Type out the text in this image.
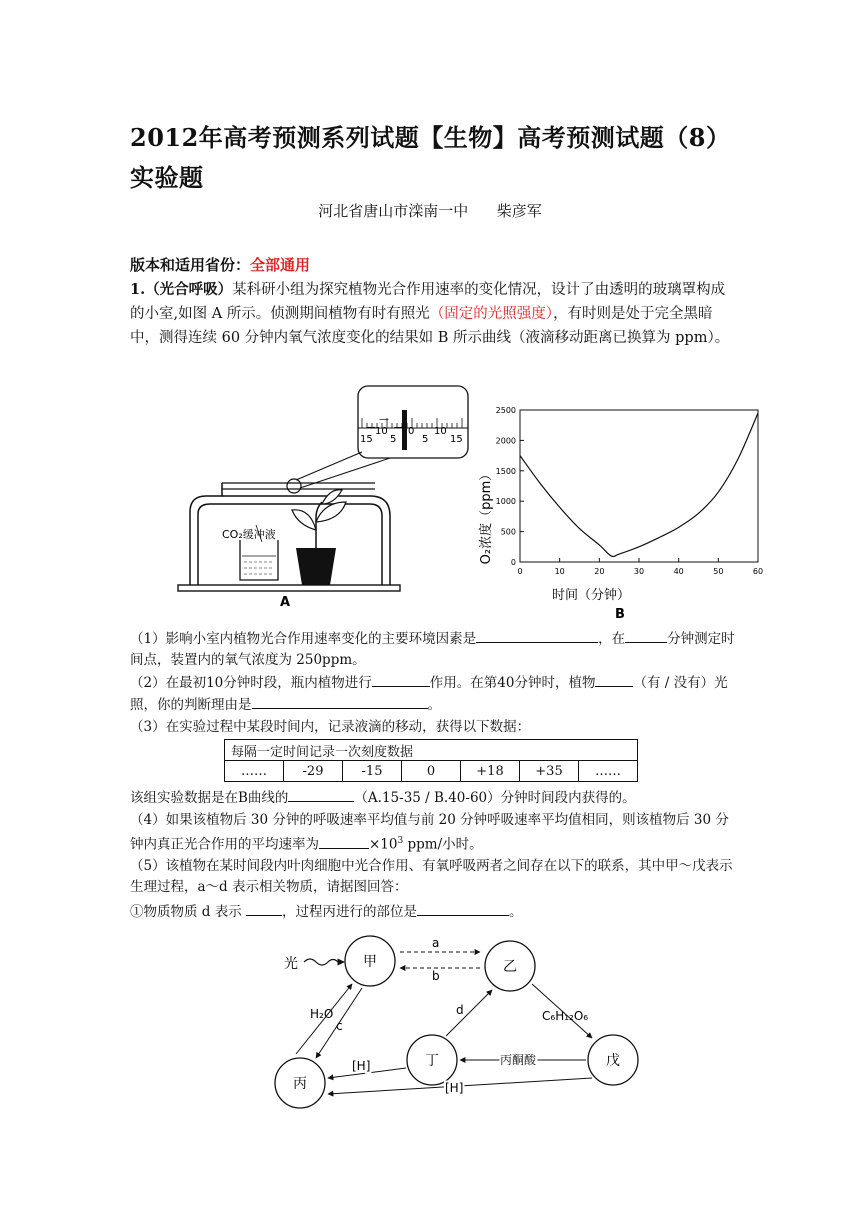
2012年高考预测系列试题【生物】高考预测试题（8）
实验题
河北省唐山市滦南一中      柴彦军
版本和适用省份：全部通用
1.（光合呼吸）某科研小组为探究植物光合作用速率的变化情况，设计了由透明的玻璃罩构成的小室,如图 A 所示。侦测期间植物有时有照光（固定的光照强度），有时则是处于完全黑暗中，测得连续 60 分钟内氧气浓度变化的结果如 B 所示曲线（液滴移动距离已换算为 ppm）。
—
—
—
15
10
5
0
5
10
15
CO₂缓冲液
A
0	10	20	30	40	50	60
0
500
1000
1500
2000
2500
时间（分钟）
O₂浓度（ppm）
B
（1）影响小室内植物光合作用速率变化的主要环境因素是	，在	分钟测定时间点，装置内的氧气浓度为 250ppm。
（2）在最初10分钟时段，瓶内植物进行	作用。在第40分钟时，植物	（有 / 没有）光照，你的判断理由是	。
（3）在实验过程中某段时间内，记录液滴的移动，获得以下数据：
每隔一定时间记录一次刻度数据
……	-29	-15	0	+18	+35	……
该组实验数据是在B曲线的	（A.15-35 / B.40-60）分钟时间段内获得的。
（4）如果该植物后 30 分钟的呼吸速率平均值与前 20 分钟呼吸速率平均值相同，则该植物后 30 分钟内真正光合作用的平均速率为	$\times 10^3$ ppm/小时。
（5）该植物在某时间段内叶肉细胞中光合作用、有氧呼吸两者之间存在以下的联系，其中甲～戊表示生理过程，a～d 表示相关物质，请据图回答：
①物质物质 d 表示	，过程丙进行的部位是	。
甲	乙
丙
丁	戊
光
a
b
H₂O
c
d	C₆H₁₂O₆
丙酮酸
[H]
[H]
